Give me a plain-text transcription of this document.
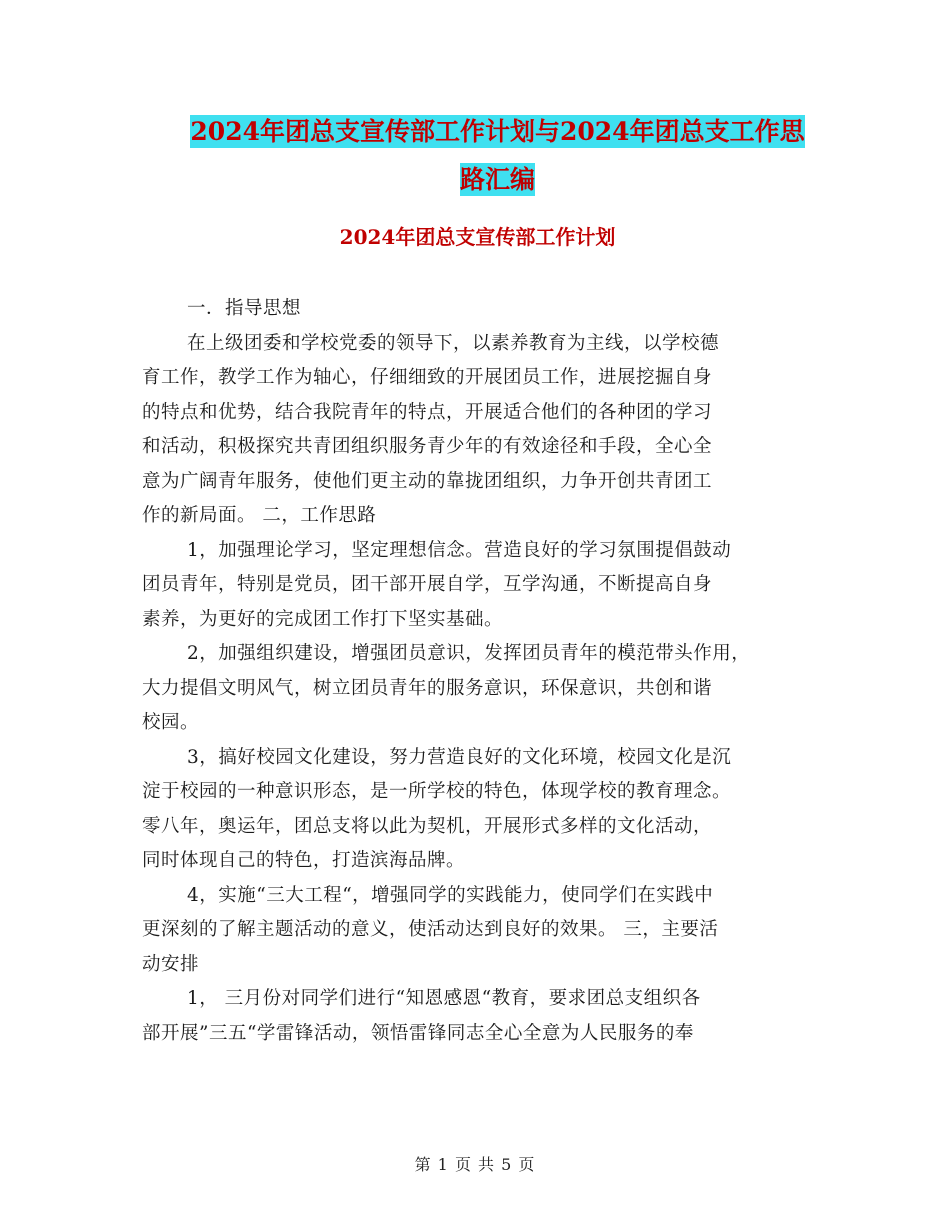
2024年团总支宣传部工作计划与2024年团总支工作思
路汇编
2024年团总支宣传部工作计划

一．指导思想

在上级团委和学校党委的领导下，以素养教育为主线，以学校德

育工作，教学工作为轴心，仔细细致的开展团员工作，进展挖掘自身

的特点和优势，结合我院青年的特点，开展适合他们的各种团的学习

和活动，积极探究共青团组织服务青少年的有效途径和手段，全心全

意为广阔青年服务，使他们更主动的靠拢团组织，力争开创共青团工

作的新局面。 二，工作思路

1，加强理论学习，坚定理想信念。营造良好的学习氛围提倡鼓动

团员青年，特别是党员，团干部开展自学，互学沟通，不断提高自身

素养，为更好的完成团工作打下坚实基础。

2，加强组织建设，增强团员意识，发挥团员青年的模范带头作用，

大力提倡文明风气，树立团员青年的服务意识，环保意识，共创和谐

校园。

3，搞好校园文化建设，努力营造良好的文化环境，校园文化是沉

淀于校园的一种意识形态，是一所学校的特色，体现学校的教育理念。

零八年，奥运年，团总支将以此为契机，开展形式多样的文化活动，

同时体现自己的特色，打造滨海品牌。

4，实施“三大工程“，增强同学的实践能力，使同学们在实践中

更深刻的了解主题活动的意义，使活动达到良好的效果。 三，主要活

动安排

1， 三月份对同学们进行“知恩感恩“教育，要求团总支组织各

部开展”三五“学雷锋活动，领悟雷锋同志全心全意为人民服务的奉

第 1 页 共 5 页
